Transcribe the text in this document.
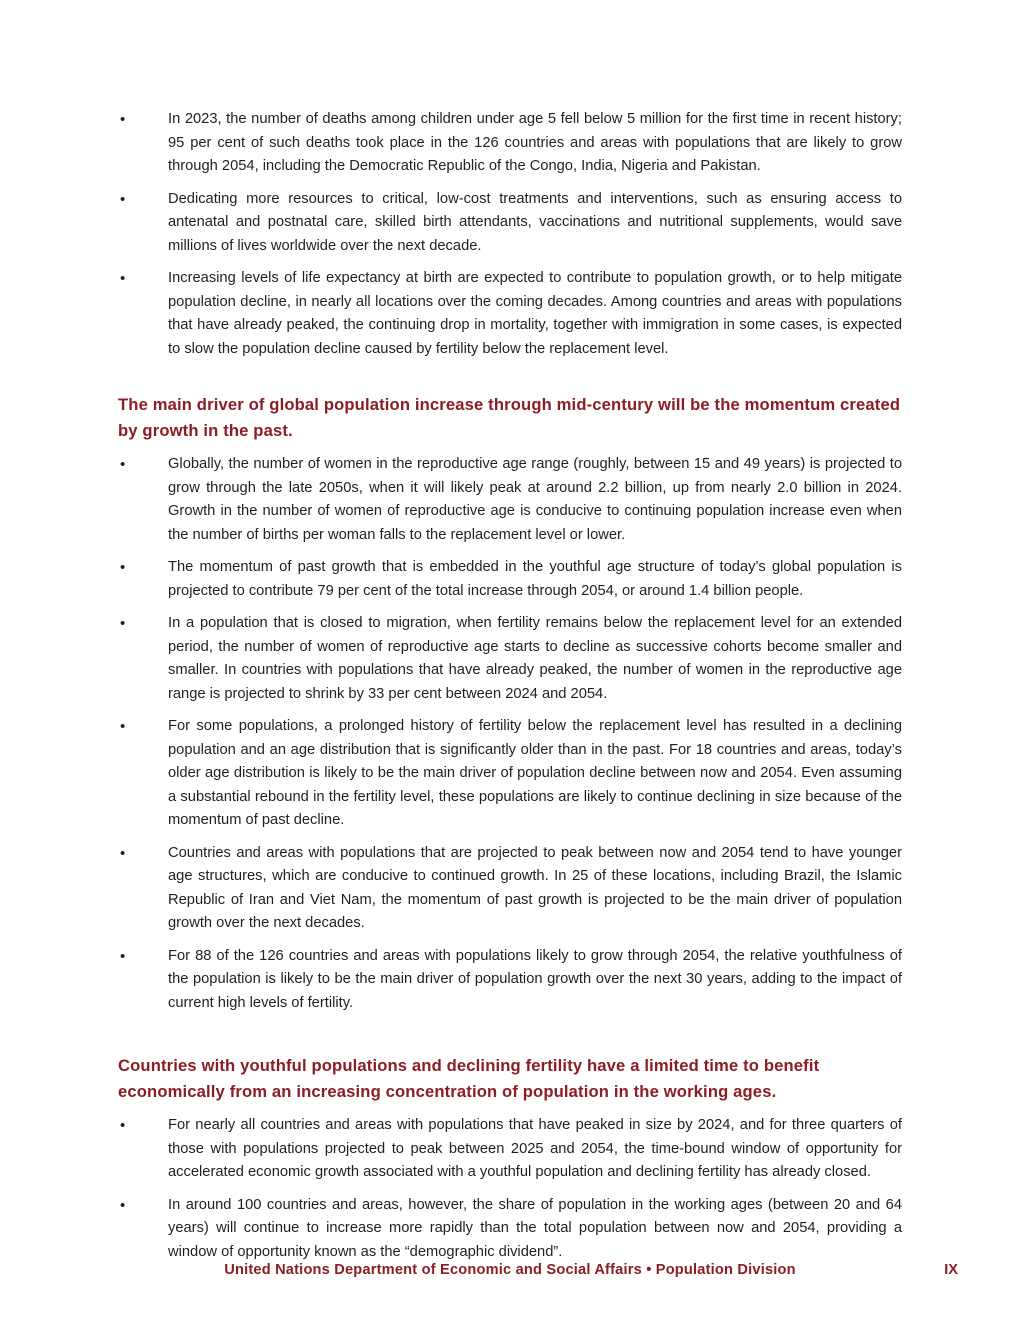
•	In 2023, the number of deaths among children under age 5 fell below 5 million for the first time in recent history; 95 per cent of such deaths took place in the 126 countries and areas with populations that are likely to grow through 2054, including the Democratic Republic of the Congo, India, Nigeria and Pakistan.
•	Dedicating more resources to critical, low-cost treatments and interventions, such as ensuring access to antenatal and postnatal care, skilled birth attendants, vaccinations and nutritional supplements, would save millions of lives worldwide over the next decade.
•	Increasing levels of life expectancy at birth are expected to contribute to population growth, or to help mitigate population decline, in nearly all locations over the coming decades. Among countries and areas with populations that have already peaked, the continuing drop in mortality, together with immigration in some cases, is expected to slow the population decline caused by fertility below the replacement level.
The main driver of global population increase through mid-century will be the momentum created by growth in the past.
•	Globally, the number of women in the reproductive age range (roughly, between 15 and 49 years) is projected to grow through the late 2050s, when it will likely peak at around 2.2 billion, up from nearly 2.0 billion in 2024. Growth in the number of women of reproductive age is conducive to continuing population increase even when the number of births per woman falls to the replacement level or lower.
•	The momentum of past growth that is embedded in the youthful age structure of today’s global population is projected to contribute 79 per cent of the total increase through 2054, or around 1.4 billion people.
•	In a population that is closed to migration, when fertility remains below the replacement level for an extended period, the number of women of reproductive age starts to decline as successive cohorts become smaller and smaller. In countries with populations that have already peaked, the number of women in the reproductive age range is projected to shrink by 33 per cent between 2024 and 2054.
•	For some populations, a prolonged history of fertility below the replacement level has resulted in a declining population and an age distribution that is significantly older than in the past. For 18 countries and areas, today’s older age distribution is likely to be the main driver of population decline between now and 2054. Even assuming a substantial rebound in the fertility level, these populations are likely to continue declining in size because of the momentum of past decline.
•	Countries and areas with populations that are projected to peak between now and 2054 tend to have younger age structures, which are conducive to continued growth. In 25 of these locations, including Brazil, the Islamic Republic of Iran and Viet Nam, the momentum of past growth is projected to be the main driver of population growth over the next decades.
•	For 88 of the 126 countries and areas with populations likely to grow through 2054, the relative youthfulness of the population is likely to be the main driver of population growth over the next 30 years, adding to the impact of current high levels of fertility.
Countries with youthful populations and declining fertility have a limited time to benefit economically from an increasing concentration of population in the working ages.
•	For nearly all countries and areas with populations that have peaked in size by 2024, and for three quarters of those with populations projected to peak between 2025 and 2054, the time-bound window of opportunity for accelerated economic growth associated with a youthful population and declining fertility has already closed.
•	In around 100 countries and areas, however, the share of population in the working ages (between 20 and 64 years) will continue to increase more rapidly than the total population between now and 2054, providing a window of opportunity known as the “demographic dividend”.
United Nations Department of Economic and Social Affairs • Population Division	IX
